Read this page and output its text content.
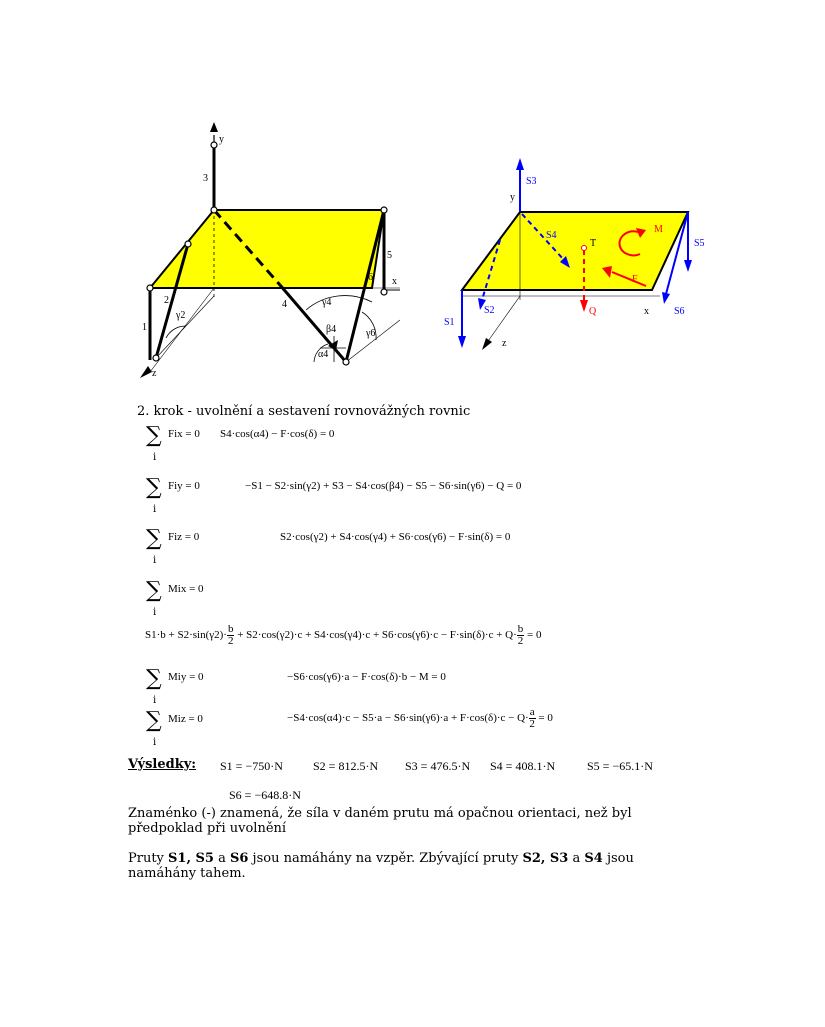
y
x
z
3
1
2	4
5
6
γ2
γ4
γ6
β4
α4
S3
y
S4
T
M
S5
F
S1
S2	Q	x	S6
z
2. krok - uvolnění a sestavení rovnovážných rovnic
∑
i
Fix = 0 S4·cos(α4) − F·cos(δ) = 0
∑
i
Fiy = 0	−S1 − S2·sin(γ2) + S3 − S4·cos(β4) − S5 − S6·sin(γ6) − Q = 0
∑
i
Fiz = 0	S2·cos(γ2) + S4·cos(γ4) + S6·cos(γ6) − F·sin(δ) = 0
∑
i
Mix = 0
$S1\cdot b + S2\cdot\sin(\gamma 2)\cdot \frac{b}{2} + S2\cdot\cos(\gamma 2)\cdot c + S4\cdot\cos(\gamma 4)\cdot c + S6\cdot\cos(\gamma 6)\cdot c - F\cdot\sin(\delta)\cdot c + Q\cdot \frac{b}{2} = 0$
∑
i
Miy = 0	−S6·cos(γ6)·a − F·cos(δ)·b − M = 0
∑
i
Miz = 0	$-S4\cdot\cos(\alpha 4)\cdot c - S5\cdot a - S6\cdot\sin(\gamma 6)\cdot a + F\cdot\cos(\delta)\cdot c - Q\cdot \frac{a}{2} = 0$
Výsledky: S1 = −750·N	S2 = 812.5·N S3 = 476.5·N S4 = 408.1·N	S5 = −65.1·N
S6 = −648.8·N
Znaménko (-) znamená, že síla v daném prutu má opačnou orientaci, než byl předpoklad při uvolnění
Pruty S1, S5 a S6 jsou namáhány na vzpěr. Zbývající pruty S2, S3 a S4 jsou namáhány tahem.
